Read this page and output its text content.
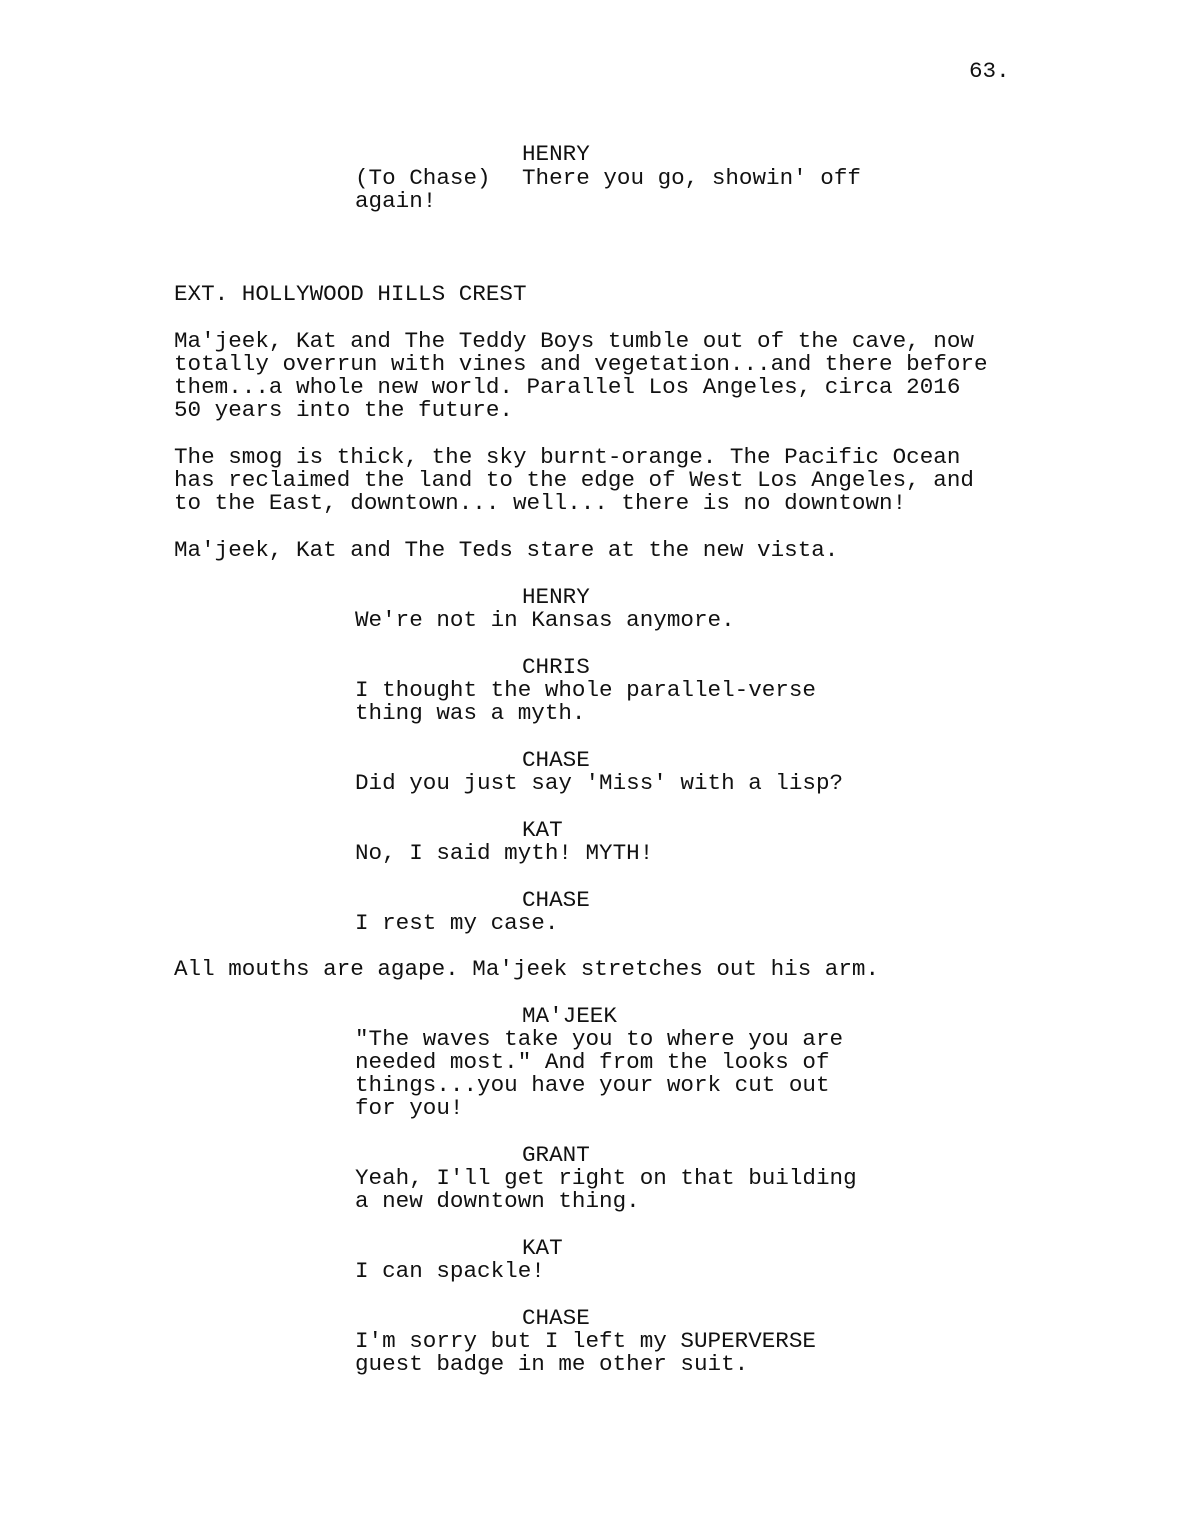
63.
HENRY
(To Chase) There you go, showin' off
again!
EXT. HOLLYWOOD HILLS CREST
Ma'jeek, Kat and The Teddy Boys tumble out of the cave, now
totally overrun with vines and vegetation...and there before
them...a whole new world. Parallel Los Angeles, circa 2016
50 years into the future.
The smog is thick, the sky burnt-orange. The Pacific Ocean
has reclaimed the land to the edge of West Los Angeles, and
to the East, downtown... well... there is no downtown!
Ma'jeek, Kat and The Teds stare at the new vista.
HENRY
We're not in Kansas anymore.
CHRIS
I thought the whole parallel-verse
thing was a myth.
CHASE
Did you just say 'Miss' with a lisp?
KAT
No, I said myth! MYTH!
CHASE
I rest my case.
All mouths are agape. Ma'jeek stretches out his arm.
MA'JEEK
"The waves take you to where you are
needed most." And from the looks of
things...you have your work cut out
for you!
GRANT
Yeah, I'll get right on that building
a new downtown thing.
KAT
I can spackle!
CHASE
I'm sorry but I left my SUPERVERSE
guest badge in me other suit.
